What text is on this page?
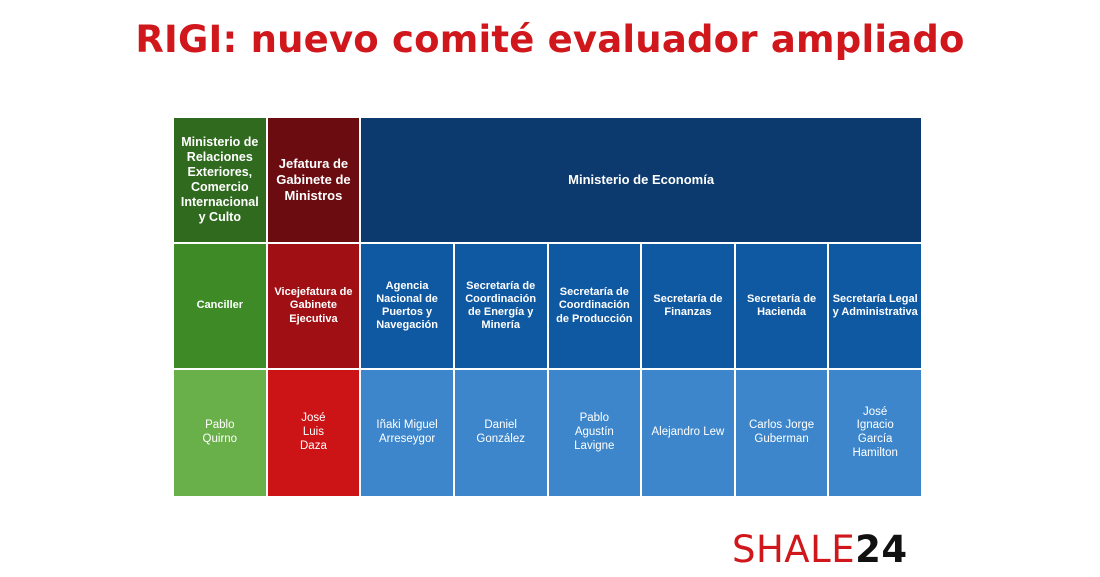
RIGI: nuevo comité evaluador ampliado
Ministerio de Relaciones Exteriores, Comercio Internacional y Culto
Jefatura de Gabinete de Ministros
Ministerio de Economía
Canciller
Vicejefatura de Gabinete Ejecutiva
Agencia Nacional de Puertos y Navegación
Secretaría de Coordinación de Energía y Minería
Secretaría de Coordinación de Producción
Secretaría de Finanzas
Secretaría de Hacienda
Secretaría Legal y Administrativa
Pablo Quirno
José Luis Daza
Iñaki Miguel Arreseygor
Daniel González
Pablo Agustín Lavigne
Alejandro Lew
Carlos Jorge Guberman
José Ignacio García Hamilton
SHALE24
